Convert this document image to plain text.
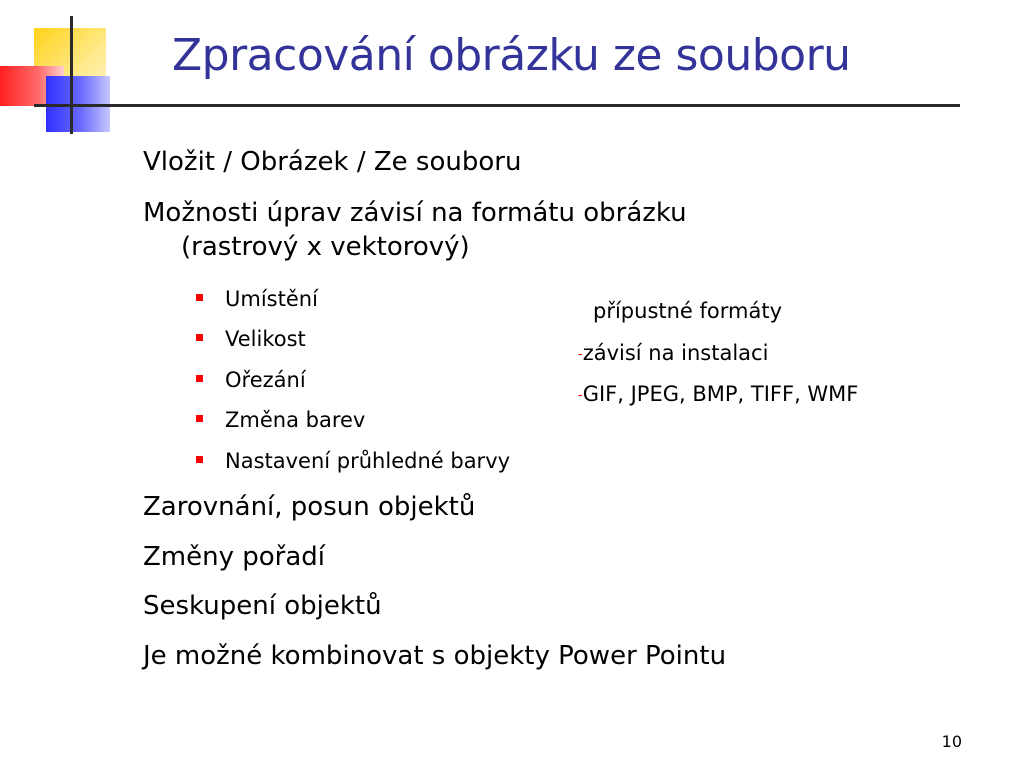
Zpracování obrázku ze souboru
Vložit / Obrázek / Ze souboru
Možnosti úprav závisí na formátu obrázku
(rastrový x vektorový)
Umístění
Velikost
Ořezání
Změna barev
Nastavení průhledné barvy
přípustné formáty
-závisí na instalaci
-GIF, JPEG, BMP, TIFF, WMF
Zarovnání, posun objektů
Změny pořadí
Seskupení objektů
Je možné kombinovat s objekty Power Pointu
10
